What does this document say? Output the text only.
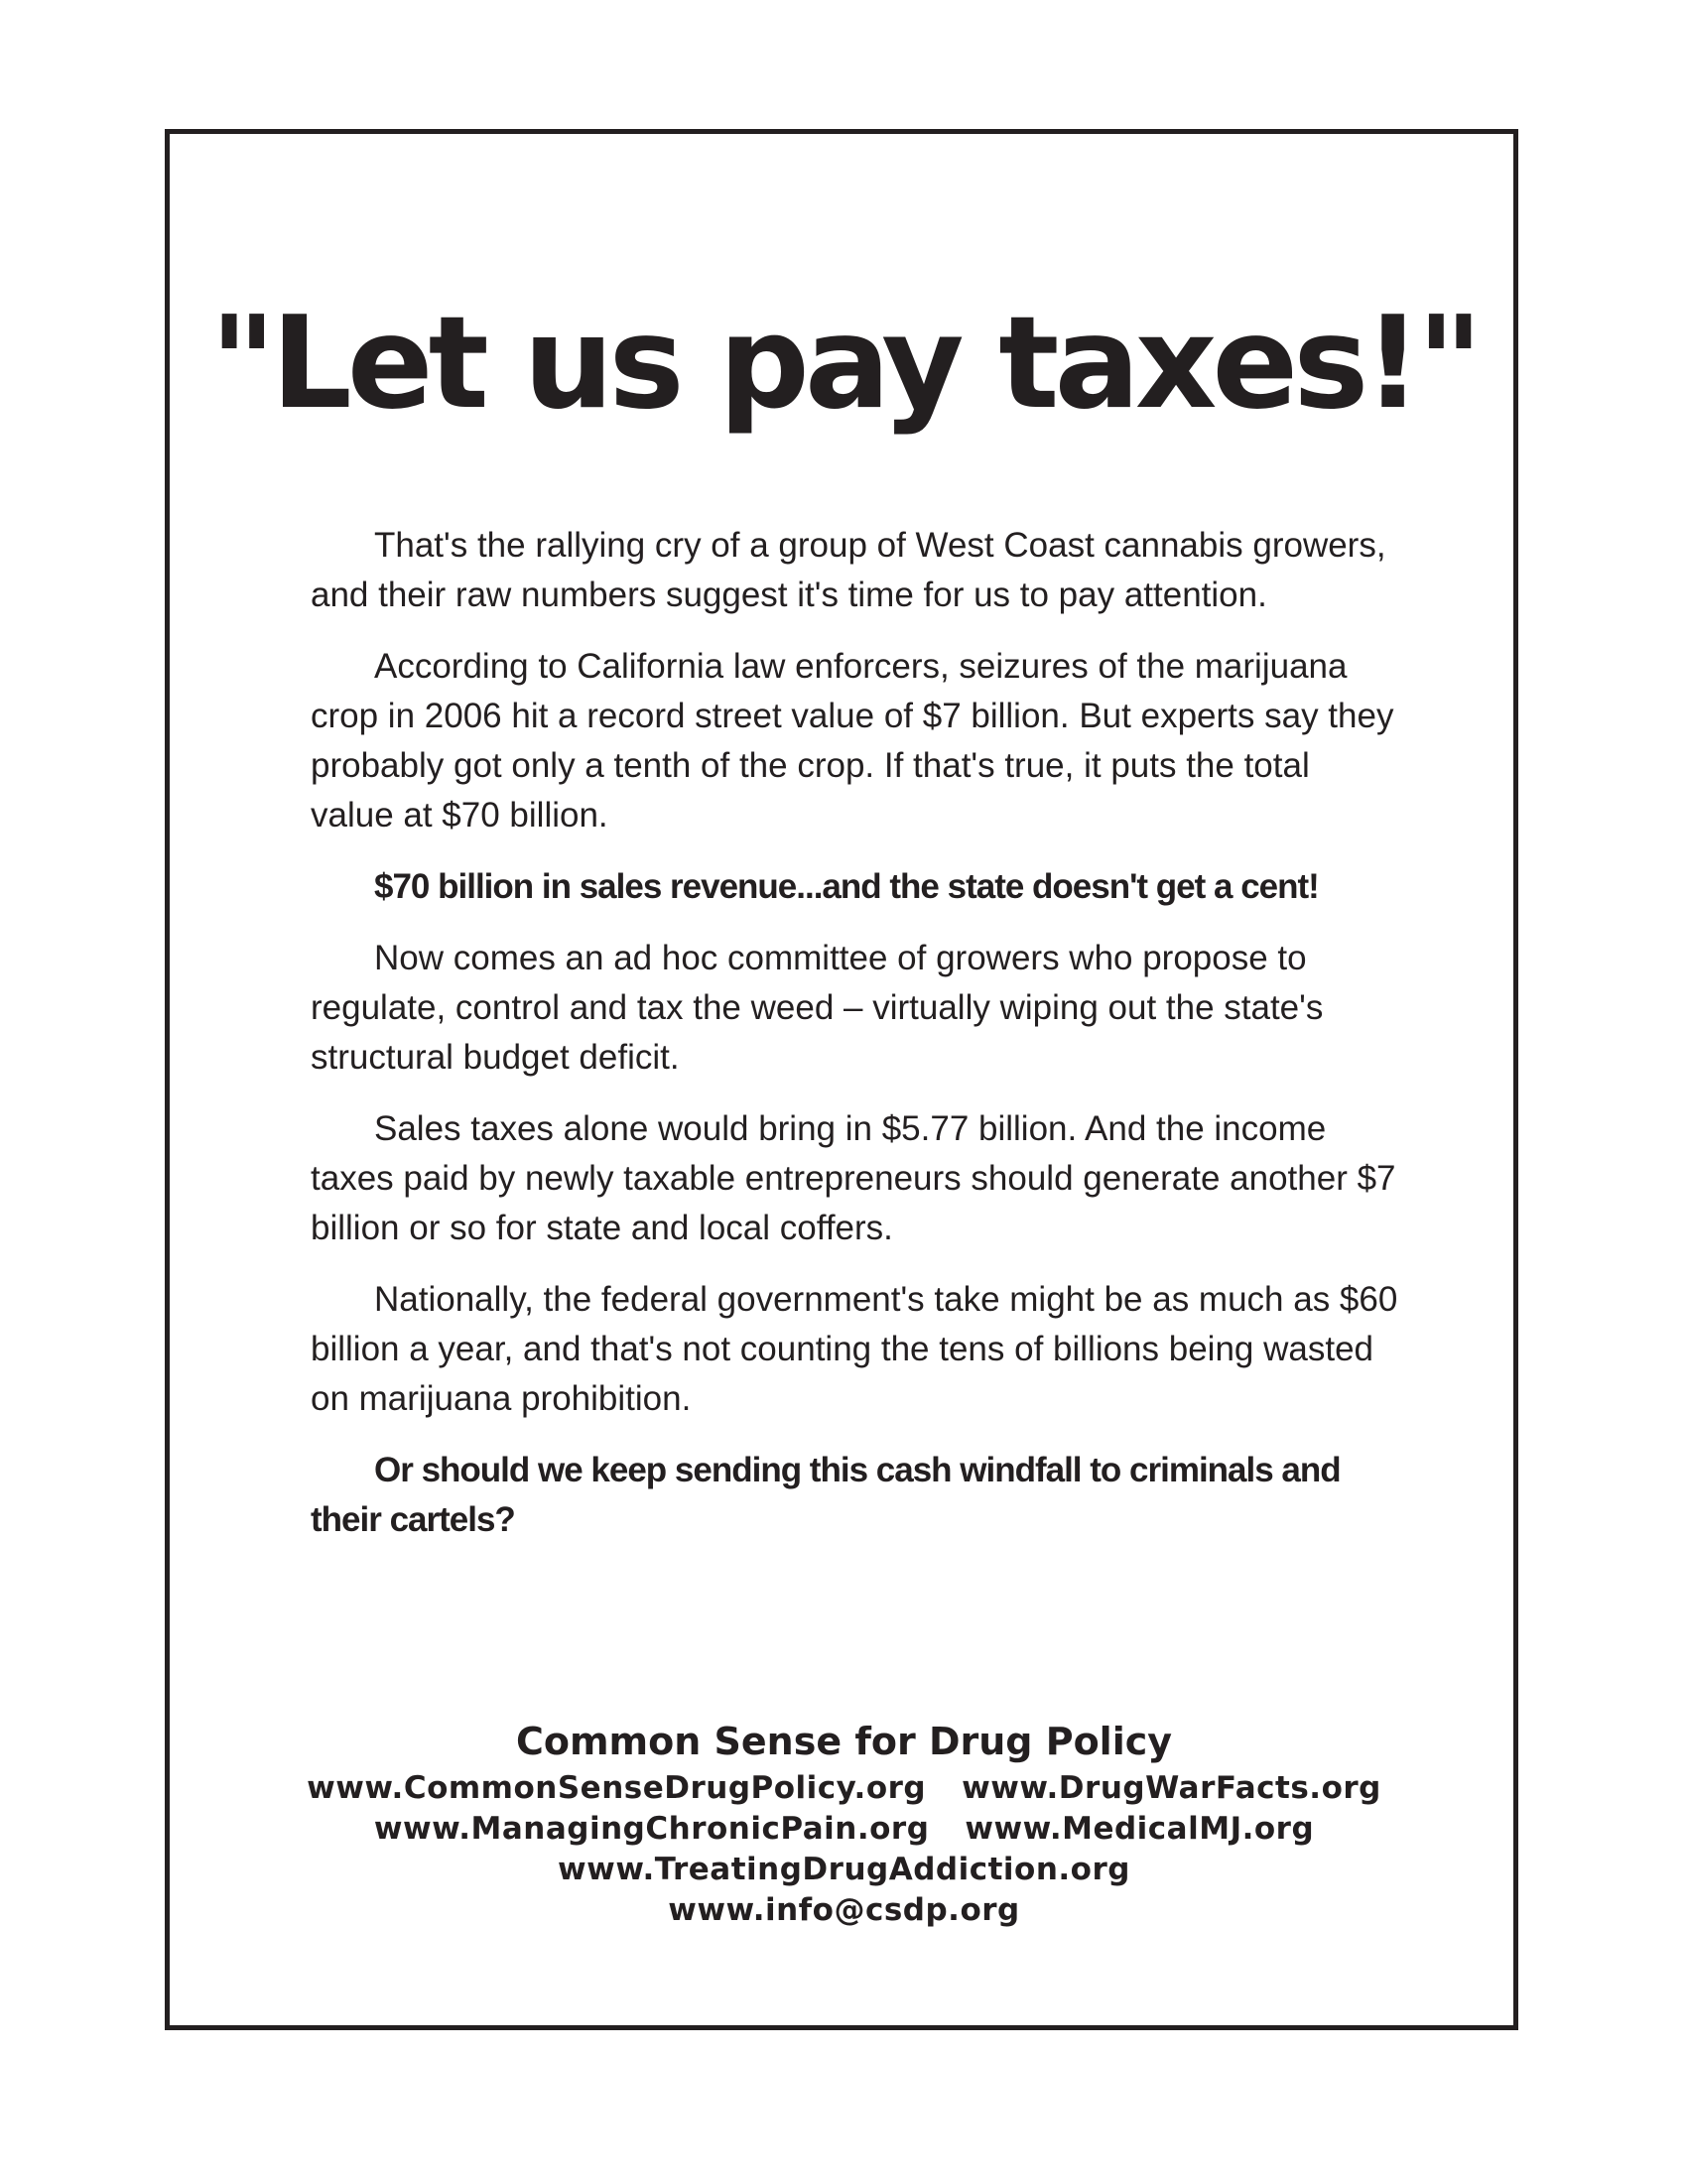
"Let us pay taxes!"

That's the rallying cry of a group of West Coast cannabis growers, and their raw numbers suggest it's time for us to pay attention.

According to California law enforcers, seizures of the marijuana crop in 2006 hit a record street value of $7 billion. But experts say they probably got only a tenth of the crop. If that's true, it puts the total value at $70 billion.

$70 billion in sales revenue...and the state doesn't get a cent!

Now comes an ad hoc committee of growers who propose to regulate, control and tax the weed – virtually wiping out the state's structural budget deficit.

Sales taxes alone would bring in $5.77 billion. And the income taxes paid by newly taxable entrepreneurs should generate another $7 billion or so for state and local coffers.

Nationally, the federal government's take might be as much as $60 billion a year, and that's not counting the tens of billions being wasted on marijuana prohibition.

Or should we keep sending this cash windfall to criminals and their cartels?

Common Sense for Drug Policy
www.CommonSenseDrugPolicy.org www.DrugWarFacts.org
www.ManagingChronicPain.org www.MedicalMJ.org
www.TreatingDrugAddiction.org
www.info@csdp.org
